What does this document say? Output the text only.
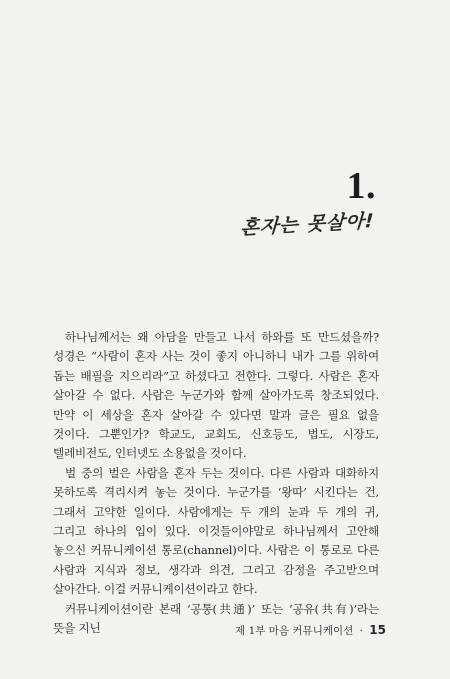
1.
혼자는 못살아!

하나님께서는 왜 아담을 만들고 나서 하와를 또 만드셨을까? 성경은 “사람이 혼자 사는 것이 좋지 아니하니 내가 그를 위하여 돕는 배필을 지으리라”고 하셨다고 전한다. 그렇다. 사람은 혼자 살아갈 수 없다. 사람은 누군가와 함께 살아가도록 창조되었다. 만약 이 세상을 혼자 살아갈 수 있다면 말과 글은 필요 없을 것이다. 그뿐인가? 학교도, 교회도, 신호등도, 법도, 시장도, 텔레비전도, 인터넷도 소용없을 것이다.

벌 중의 벌은 사람을 혼자 두는 것이다. 다른 사람과 대화하지 못하도록 격리시켜 놓는 것이다. 누군가를 ‘왕따’ 시킨다는 건, 그래서 고약한 일이다. 사람에게는 두 개의 눈과 두 개의 귀, 그리고 하나의 입이 있다. 이것들이야말로 하나님께서 고안해 놓으신 커뮤니케이션 통로(channel)이다. 사람은 이 통로로 다른 사람과 지식과 정보, 생각과 의견, 그리고 감정을 주고받으며 살아간다. 이걸 커뮤니케이션이라고 한다.

커뮤니케이션이란 본래 ‘공통(共通)’ 또는 ‘공유(共有)’라는 뜻을 지닌	제 1부 마음 커뮤니케이션 · 15
